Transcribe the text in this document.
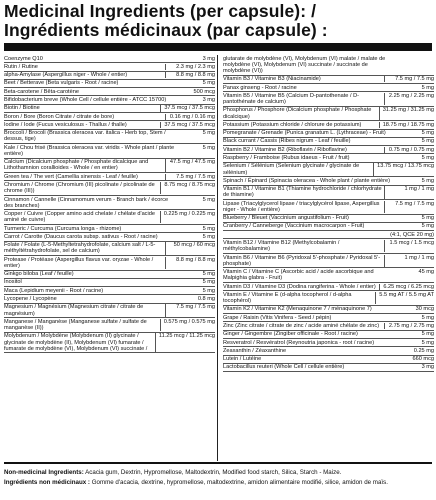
Medicinal Ingredients (per capsule): /
Ingrédients médicinaux (par capsule) :
Coenzyme Q10	3 mg
Rutin / Rutine	2.3 mg / 2.3 mg
alpha-Amylase (Aspergillus niger - Whole / entier)	8.8 mg / 8.8 mg
Beet / Betterave (Beta vulgaris - Root / racine)	5 mg
Beta-carotene / Bêta-carotène	500 mcg
Bifidobacterium breve (Whole Cell / cellule entière - ATCC 15700)	3 mg
Biotin / Biotine	37.5 mcg / 37.5 mcg
Boron / Bore (Boron Citrate / citrate de bore)	0.16 mg / 0.16 mg
Iodine / Iode (Fucus vesiculosus - Thallus / thalle)	37.5 mcg / 37.5 mcg
Broccoli / Brocoli (Brassica oleracea var. italica - Herb top, Stem / dessus, tige)
5 mg
Kale / Chou frisé (Brassica oleracea var. viridis - Whole plant / plante entière)
5 mg
Calcium (Dicalcium phosphate / Phosphate dicalcique and Lithothamnion corallioides - Whole / en entier)
47.5 mg / 47.5 mg
Green tea / The vert (Camellia sinensis - Leaf / feuille)	7.5 mg / 7.5 mg
Chromium / Chrome (Chromium (III) picolinate / picolinate de chrome (III))
8.75 mcg / 8.75 mcg
Cinnamon / Cannelle (Cinnamomum verum - Branch bark / écorce des branches)
5 mg
Copper / Cuivre (Copper amino acid chelate / chélate d'acide aminé de cuivre)
0.225 mg / 0.225 mg
Turmeric / Curcuma (Curcuma longa - rhizome)	5 mg
Carrot / Carotte (Daucus carota subsp. sativus - Root / racine)	5 mg
Folate / Folate (L-5-Methyltetrahydrofolate, calcium salt / L-5-méthyltétrahydrofolate, sel de calcium)
50 mcg / 60 mcg
Protease / Protéase (Aspergillus flavus var. oryzae - Whole / entier)
8.8 mg / 8.8 mg
Ginkgo biloba (Leaf / feuille)	5 mg
Inositol	5 mg
Maca (Lepidium meyenii - Root / racine)	5 mg
Lycopene / Lycopène	0.8 mg
Magnesium / Magnésium (Magnesium citrate / citrate de magnésium)
7.5 mg / 7.5 mg
Manganese / Manganèse (Manganese sulfate / sulfate de manganèse (II))
0.575 mg / 0.575 mg
Molybdenum / Molybdène (Molybdenum (II) glycinate / glycinate de molybdène (II), Molybdenum (VI) fumarate / fumarate de molybdène (VI), Molybdenum (VI) succinate /
11.25 mcg / 11.25 mcg
glutarate de molybdène (VI), Molybdenum (VI) malate / malate de molybdène (VI), Molybdenum (VI) succinate / succinate de molybdène (VI))
Vitamin B3 / Vitamine B3 (Niacinamide)	7.5 mg / 7.5 mg
Panax ginseng - Root / racine	5 mg
Vitamin B5 / Vitamine B5 (Calcium D-pantothenate / D-pantothénate de calcium)
2.25 mg / 2.25 mg
Phosphorus / Phosphore (Dicalcium phosphate / Phosphate dicalcique)
31.25 mg / 31.25 mg
Potassium (Potassium chloride / chlorure de potassium)	18.75 mg / 18.75 mg
Pomegranate / Grenade (Punica granatum L. (Lythraceae) - Fruit)	5 mg
Black currant / Cassis (Ribes nigrum - Leaf / feuille)	5 mg
Vitamin B2 / Vitamine B2 (Riboflavin / Riboflavine)	0.75 mg / 0.75 mg
Raspberry / Framboise (Rubus idaeus - Fruit / fruit)	5 mg
Selenium / Sélénium (Selenium glycinate / glycinate de sélénium)
13.75 mcg / 13.75 mcg
Spinach / Épinard (Spinacia oleracea - Whole plant / plante entière)	5 mg
Vitamin B1 / Vitamine B1 (Thiamine hydrochloride / chlorhydrate de thiamine)
1 mg / 1 mg
Lipase (Triacylglycerol lipase / triacylglycérol lipase, Aspergillus niger - Whole / entière)
7.5 mg / 7.5 mg
Blueberry / Bleuet (Vaccinium angustifolium - Fruit)	5 mg
Cranberry / Canneberge (Vaccinium macrocarpon - Fruit)	5 mg
(4:1, QCE 20 mg)
Vitamin B12 / Vitamine B12 (Methylcobalamin / méthylcobalamine)
1.5 mcg / 1.5 mcg
Vitamin B6 / Vitamine B6 (Pyridoxal 5'-phosphate / Pyridoxal 5'-phosphate)
1 mg / 1 mg
Vitamin C / Vitamine C (Ascorbic acid / acide ascorbique and Malpighia glabra - Fruit)
45 mg
Vitamin D3 / Vitamine D3 (Dodina rangiferina - Whole / entier)	6.25 mcg / 6.25 mcg
Vitamin E / Vitamine E (d-alpha tocopherol / d-alpha tocophérol)
5.5 mg AT / 5.5 mg AT
Vitamin K2 / Vitamine K2 (Menaquinone 7 / ménaquinone 7)	30 mcg
Grape / Raisin (Vitis Vinifera - Seed / pépin)	5 mg
Zinc (Zinc citrate / citrate de zinc / acide aminé chélate de zinc)	2.75 mg / 2.75 mg
Ginger / Gingembre (Zingiber officinale - Root / racine)	5 mg
Resveratrol / Resvératrol (Reynoutria japonica - root / racine)	5 mg
Zeaxanthin / Zéaxanthine	0.25 mg
Lutein / Lutéine	660 mcg
Lactobacillus reuteri (Whole Cell / cellule entière)	3 mg
Non-medicinal Ingredients: Acacia gum, Dextrin, Hypromellose, Maltodextrin, Modified food starch, Silica, Starch - Maize.
Ingrédients non médicinaux : Gomme d'acacia, dextrine, hypromellose, maltodextrine, amidon alimentaire modifié, silice, amidon de maïs.
